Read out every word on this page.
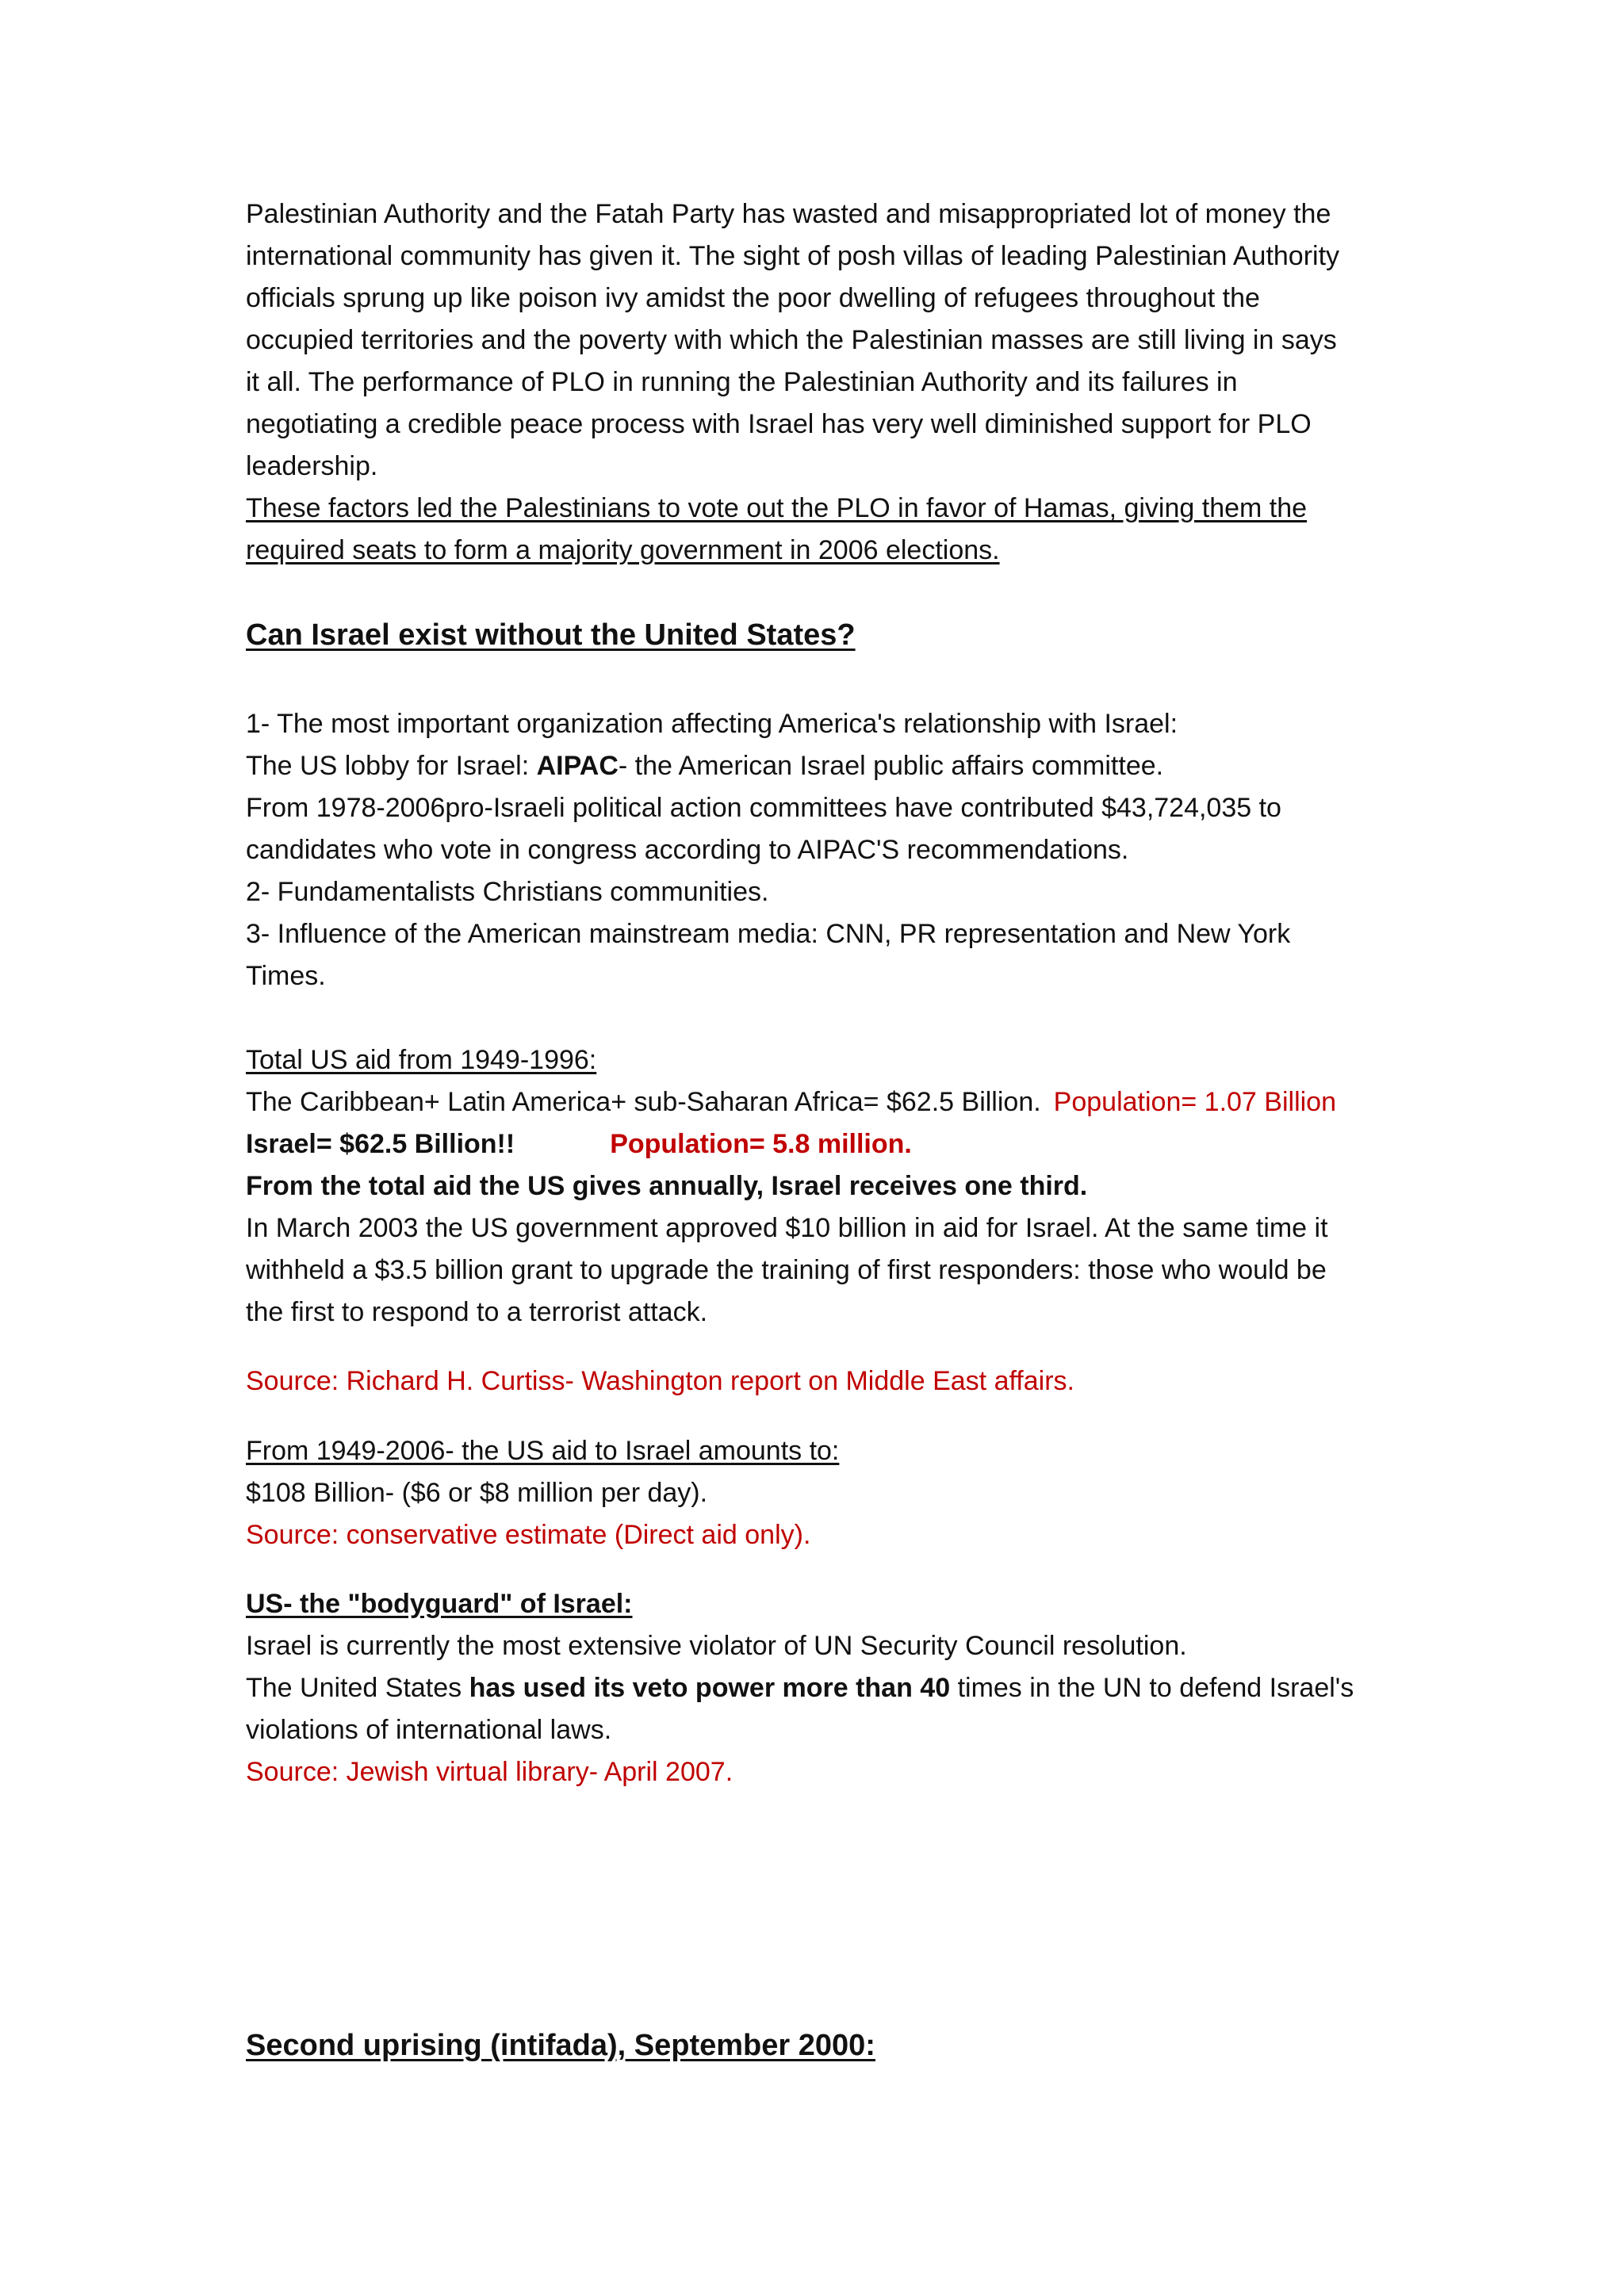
Palestinian Authority and the Fatah Party has wasted and misappropriated lot of money the

international community has given it. The sight of posh villas of leading Palestinian Authority

officials sprung up like poison ivy amidst the poor dwelling of refugees throughout the

occupied territories and the poverty with which the Palestinian masses are still living in says

it all. The performance of PLO in running the Palestinian Authority and its failures in

negotiating a credible peace process with Israel has very well diminished support for PLO

leadership.

These factors led the Palestinians to vote out the PLO in favor of Hamas, giving them the

required seats to form a majority government in 2006 elections.

Can Israel exist without the United States?

1- The most important organization affecting America's relationship with Israel:

The US lobby for Israel: AIPAC- the American Israel public affairs committee.

From 1978-2006pro-Israeli political action committees have contributed $43,724,035 to

candidates who vote in congress according to AIPAC'S recommendations.

2- Fundamentalists Christians communities.

3- Influence of the American mainstream media: CNN, PR representation and New York

Times.

Total US aid from 1949-1996:

The Caribbean+ Latin America+ sub-Saharan Africa= $62.5 Billion. Population= 1.07 Billion

Israel= $62.5 Billion!!	Population= 5.8 million.

From the total aid the US gives annually, Israel receives one third.

In March 2003 the US government approved $10 billion in aid for Israel. At the same time it

withheld a $3.5 billion grant to upgrade the training of first responders: those who would be

the first to respond to a terrorist attack.

Source: Richard H. Curtiss- Washington report on Middle East affairs.

From 1949-2006- the US aid to Israel amounts to:

$108 Billion- ($6 or $8 million per day).

Source: conservative estimate (Direct aid only).

US- the "bodyguard" of Israel:

Israel is currently the most extensive violator of UN Security Council resolution.

The United States has used its veto power more than 40 times in the UN to defend Israel's

violations of international laws.

Source: Jewish virtual library- April 2007.

Second uprising (intifada), September 2000:
